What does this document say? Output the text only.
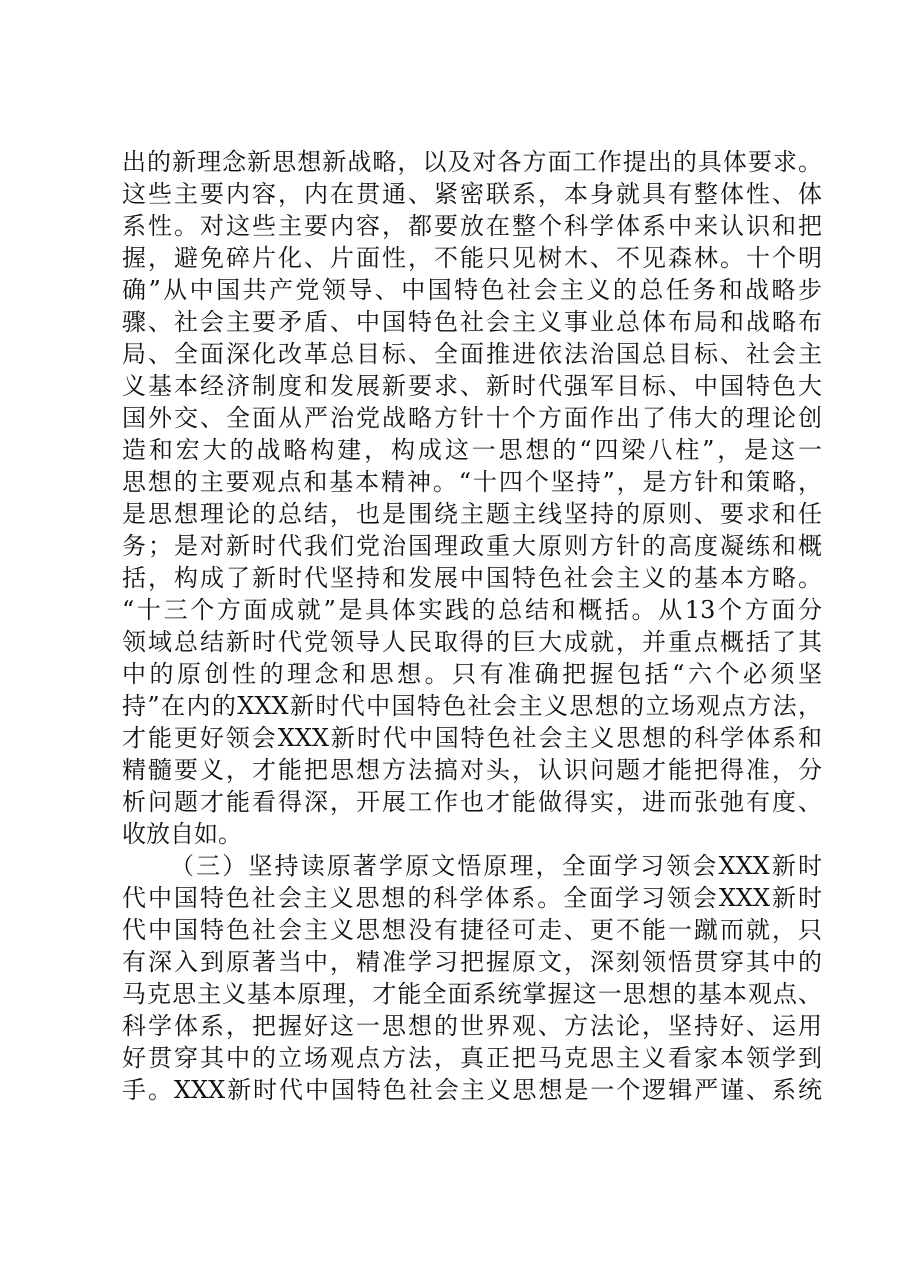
出的新理念新思想新战略，以及对各方面工作提出的具体要求。
这些主要内容，内在贯通、紧密联系，本身就具有整体性、体
系性。对这些主要内容，都要放在整个科学体系中来认识和把
握，避免碎片化、片面性，不能只见树木、不见森林。十个明
确”从中国共产党领导、中国特色社会主义的总任务和战略步
骤、社会主要矛盾、中国特色社会主义事业总体布局和战略布
局、全面深化改革总目标、全面推进依法治国总目标、社会主
义基本经济制度和发展新要求、新时代强军目标、中国特色大
国外交、全面从严治党战略方针十个方面作出了伟大的理论创
造和宏大的战略构建，构成这一思想的“四梁八柱”，是这一
思想的主要观点和基本精神。“十四个坚持”，是方针和策略，
是思想理论的总结，也是围绕主题主线坚持的原则、要求和任
务；是对新时代我们党治国理政重大原则方针的高度凝练和概
括，构成了新时代坚持和发展中国特色社会主义的基本方略。
“十三个方面成就”是具体实践的总结和概括。从13个方面分
领域总结新时代党领导人民取得的巨大成就，并重点概括了其
中的原创性的理念和思想。只有准确把握包括“六个必须坚
持”在内的XXX新时代中国特色社会主义思想的立场观点方法，
才能更好领会XXX新时代中国特色社会主义思想的科学体系和
精髓要义，才能把思想方法搞对头，认识问题才能把得准，分
析问题才能看得深，开展工作也才能做得实，进而张弛有度、
收放自如。
（三）坚持读原著学原文悟原理，全面学习领会XXX新时
代中国特色社会主义思想的科学体系。全面学习领会XXX新时
代中国特色社会主义思想没有捷径可走、更不能一蹴而就，只
有深入到原著当中，精准学习把握原文，深刻领悟贯穿其中的
马克思主义基本原理，才能全面系统掌握这一思想的基本观点、
科学体系，把握好这一思想的世界观、方法论，坚持好、运用
好贯穿其中的立场观点方法，真正把马克思主义看家本领学到
手。XXX新时代中国特色社会主义思想是一个逻辑严谨、系统
